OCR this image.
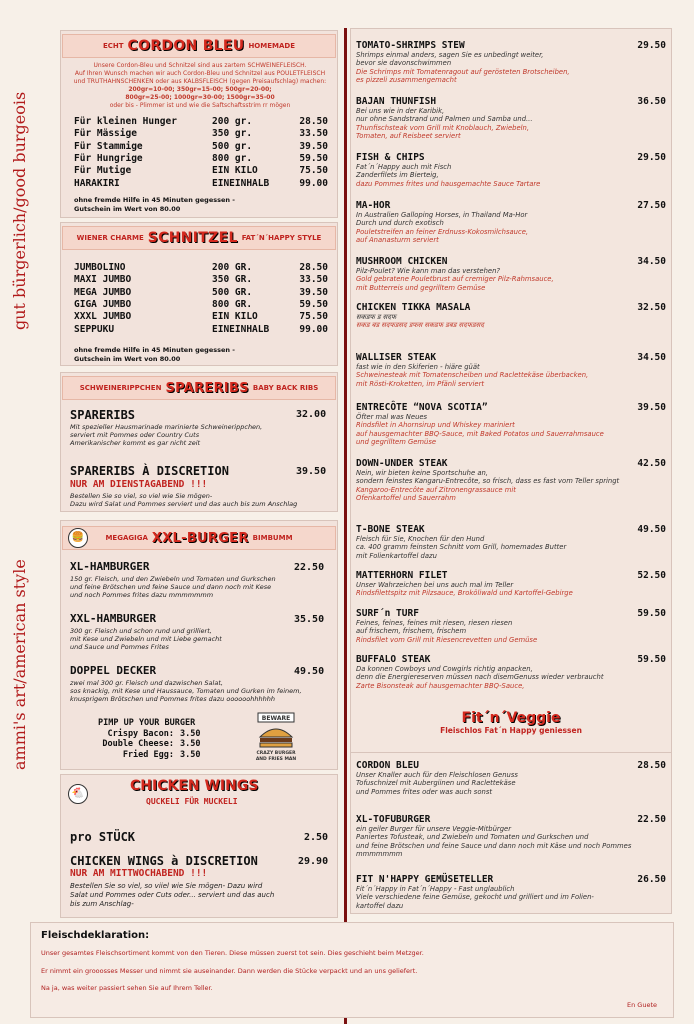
gut bürgerlich/good burgeois
ammi's art/american style
ECHT CORDON BLEU HOMEMADE
Unsere Cordon-Bleu und Schnitzel sind aus zartem SCHWEINEFLEISCH.
Auf Ihren Wunsch machen wir auch Cordon-Bleu und Schnitzel aus POULETFLEISCH
und TRUTHAHNSCHENKEN oder aus KALBSFLEISCH (gegen Preisaufschlag) machen:
200gr=10-00; 350gr=15-00; 500gr=20-00;
800gr=25-00; 1000gr=30-00; 1500gr=35-00
oder bis - Plimmer ist und wie die Saftschaftsstrim rr mögen
Für kleinen Hunger	200 gr.	28.50
Für Mässige	350 gr.	33.50
Für Stammige	500 gr.	39.50
Für Hungrige	800 gr.	59.50
Für Mutige	EIN KILO	75.50
HARAKIRI	EINEINHALB	99.00
ohne fremde Hilfe in 45 Minuten gegessen -
Gutschein im Wert von 80.00
WIENER CHARME SCHNITZEL FAT´N´HAPPY STYLE
JUMBOLINO	200 GR.	28.50
MAXI JUMBO	350 GR.	33.50
MEGA JUMBO	500 GR.	39.50
GIGA JUMBO	800 GR.	59.50
XXXL JUMBO	EIN KILO	75.50
SEPPUKU	EINEINHALB	99.00
ohne fremde Hilfe in 45 Minuten gegessen -
Gutschein im Wert von 80.00
SCHWEINERIPPCHEN SPARERIBS BABY BACK RIBS
SPARERIBS	32.00
Mit spezieller Hausmarinade marinierte Schweinerippchen,
serviert mit Pommes oder Country Cuts
Amerikanischer kommt es gar nicht zeit
SPARERIBS À DISCRETION	39.50
NUR AM DIENSTAGABEND !!!
Bestellen Sie so viel, so viel wie Sie mögen-
Dazu wird Salat und Pommes serviert und das auch bis zum Anschlag
MEGAGIGA XXL-BURGER BIMBUMM
🍔
XL-HAMBURGER	22.50
150 gr. Fleisch, und den Zwiebeln und Tomaten und Gurkschen
und feine Brötschen und feine Sauce und dann noch mit Kese
und noch Pommes frites dazu mmmmmmm
XXL-HAMBURGER	35.50
300 gr. Fleisch und schon rund und grilliert,
mit Kese und Zwiebeln und mit Liebe gemacht
und Sauce und Pommes Frites
DOPPEL DECKER	49.50
zwei mal 300 gr. Fleisch und dazwischen Salat,
sos knackig, mit Kese und Haussauce, Tomaten und Gurken im feinem,
knusprigem Brötschen und Pommes frites dazu oooooohhhhhh
PIMP UP YOUR BURGER
Crispy Bacon: 3.50
Double Cheese: 3.50
Fried Egg: 3.50
BEWARE
CRAZY BURGER
AND FRIES MAN
🐔	CHICKEN WINGS
QUCKELI FÜR MUCKELI
pro STÜCK	2.50
CHICKEN WINGS à DISCRETION	29.90
NUR AM MITTWOCHABEND !!!
Bestellen Sie so viel, so viiel wie Sie mögen- Dazu wird
Salat und Pommes oder Cuts oder... serviert und das auch
bis zum Anschlag-
TOMATO-SHRIMPS STEW	29.50
Shrimps einmal anders, sagen Sie es unbedingt weiter,
bevor sie davonschwimmen
Die Schrimps mit Tomatenragout auf gerösteten Brotscheiben,
es pizzeli zusammengemacht
BAJAN THUNFISH	36.50
Bei uns wie in der Karibik,
nur ohne Sandstrand und Palmen und Samba und...
Thunfischsteak vom Grill mit Knoblauch, Zwiebeln,
Tomaten, auf Reisbeet serviert
FISH & CHIPS	29.50
Fat´n´Happy auch mit Fisch
Zanderfilets im Bierteig,
dazu Pommes frites und hausgemachte Sauce Tartare
MA-HOR	27.50
In Australien Galloping Horses, in Thailand Ma-Hor
Durch und durch exotisch
Pouletstreifen an feiner Erdnuss-Kokosmilchsauce,
auf Ananasturm serviert
MUSHROOM CHICKEN	34.50
Pilz-Poulet? Wie kann man das verstehen?
Gold gebratene Pouletbrust auf cremiger Pilz-Rahmsauce,
mit Butterreis und gegrilltem Gemüse
CHICKEN TIKKA MASALA	32.50
सकडफ ड सदफ
सकड बड सदफडसद डफस सकडफ डबड सदफडसद
WALLISER STEAK	34.50
fast wie in den Skiferien - hiäre güät
Schweinesteak mit Tomatenscheiben und Raclettekäse überbacken,
mit Rösti-Kroketten, im Pfänli serviert
ENTRECÔTE “NOVA SCOTIA”	39.50
Öfter mal was Neues
Rindsfilet in Ahornsirup und Whiskey mariniert
auf hausgemachter BBQ-Sauce, mit Baked Potatos und Sauerrahmsauce
und gegrilltem Gemüse
DOWN-UNDER STEAK	42.50
Nein, wir bieten keine Sportschuhe an,
sondern feinstes Kangaru-Entrecôte, so frisch, dass es fast vom Teller springt
Kangaroo-Entrecôte auf Zitronengrassauce mit
Ofenkartoffel und Sauerrahm
T-BONE STEAK	49.50
Fleisch für Sie, Knochen für den Hund
ca. 400 gramm feinsten Schnitt vom Grill, homemades Butter
mit Folienkartoffel dazu
MATTERHORN FILET	52.50
Unser Wahrzeichen bei uns auch mal im Teller
Rindsfilettspitz mit Pilzsauce, Broköliwald und Kartoffel-Gebirge
SURF´n TURF	59.50
Feines, feines, feines mit riesen, riesen riesen
auf frischem, frischem, frischem
Rindsfilet vom Grill mit Riesencrevetten und Gemüse
BUFFALO STEAK	59.50
Da konnen Cowboys und Cowgirls richtig anpacken,
denn die Energiereserven müssen nach disemGenuss wieder verbraucht
Zarte Bisonsteak auf hausgemachter BBQ-Sauce,
Fit´n´Veggie
Fleischlos Fat´n Happy geniessen
CORDON BLEU	28.50
Unser Knaller auch für den Fleischlosen Genuss
Tofuschnizel mit Aubergiinen und Raclettekäse
und Pommes frites oder was auch sonst
XL-TOFUBURGER	22.50
ein geiler Burger für unsere Veggie-Mitbürger
Paniertes Tofusteak, und Zwiebeln und Tomaten und Gurkschen und
und feine Brötschen und feine Sauce und dann noch mit Käse und noch Pommes
mmmmmmm
FIT N'HAPPY GEMÜSETELLER	26.50
Fit´n´Happy in Fat´n´Happy - Fast unglaublich
Viele verschiedene feine Gemüse, gekocht und grilliert und im Folien-
kartoffel dazu
Fleischdeklaration:
Unser gesamtes Fleischsortiment kommt von den Tieren. Diese müssen zuerst tot sein. Dies geschieht beim Metzger.
Er nimmt ein grooosses Messer und nimmt sie auseinander. Dann werden die Stücke verpackt und an uns geliefert.
Na ja, was weiter passiert sehen Sie auf Ihrem Teller.
En Guete
